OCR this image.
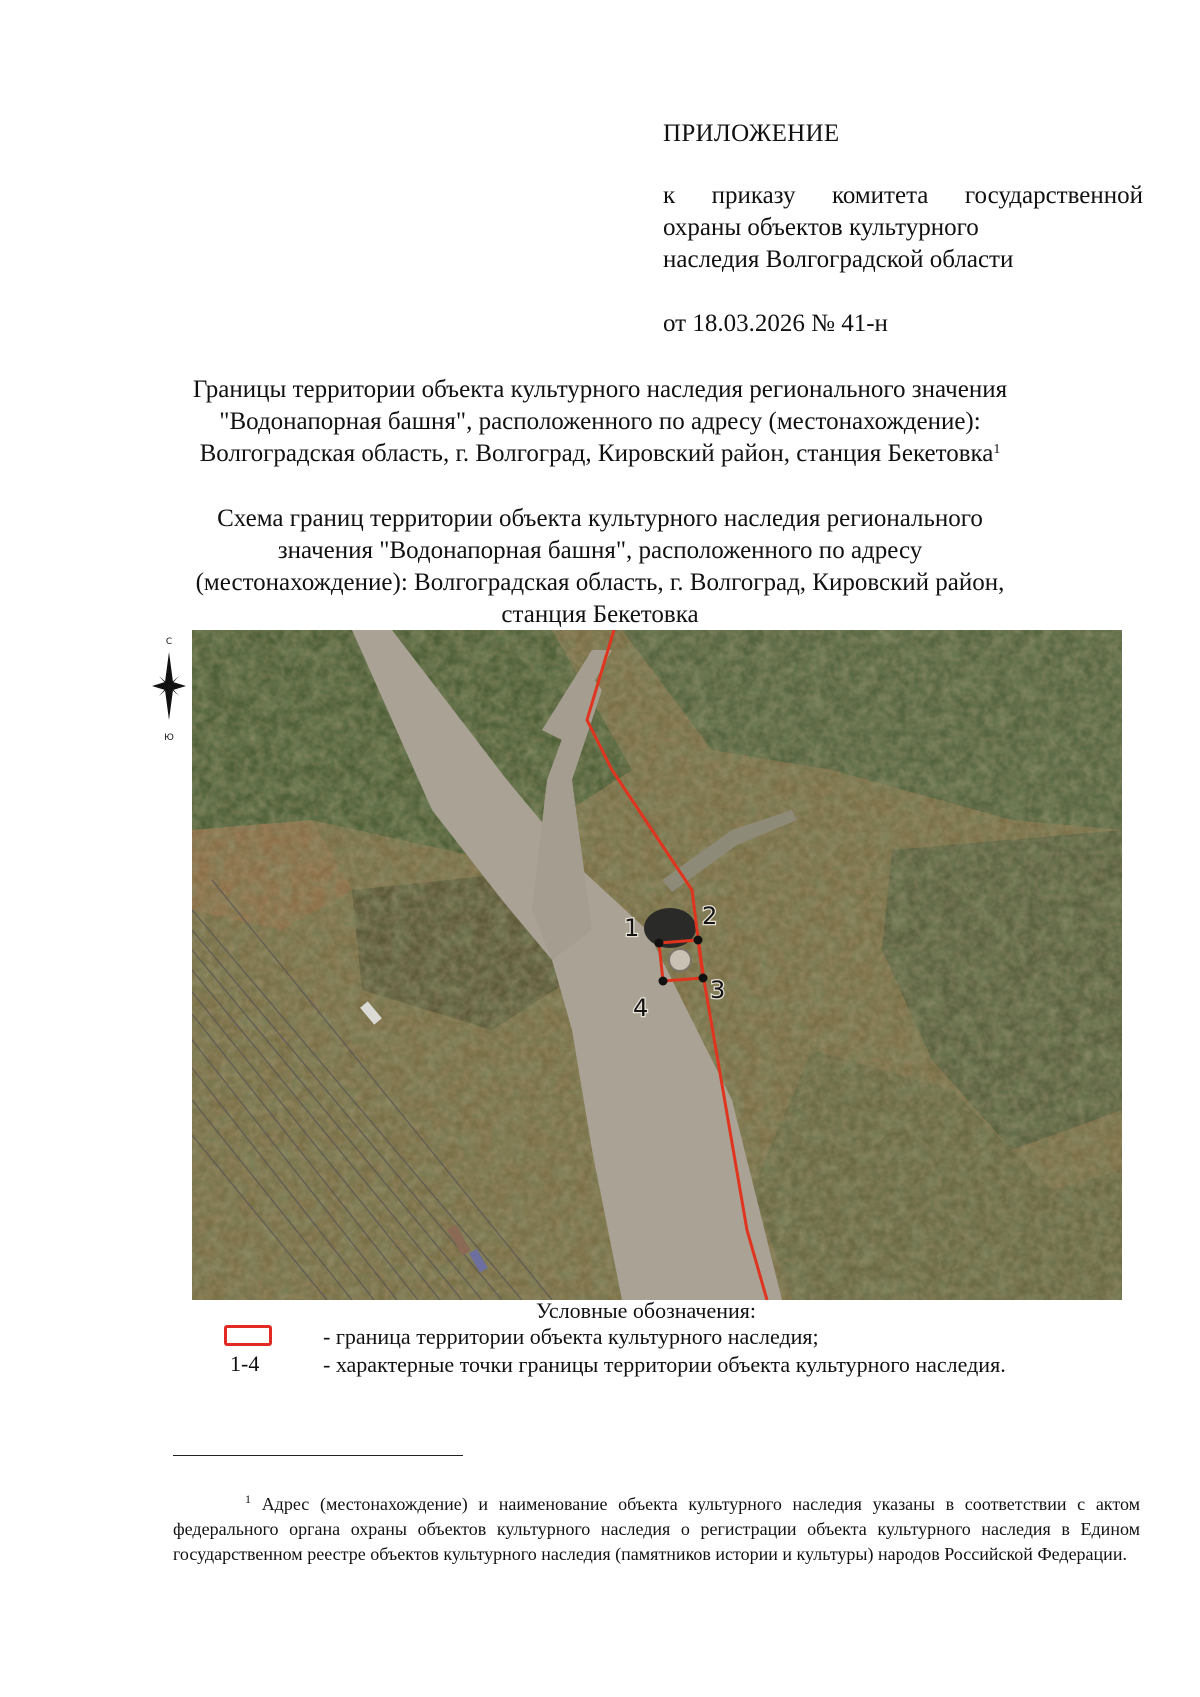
ПРИЛОЖЕНИЕ
к приказу комитета государственной
охраны объектов культурного
наследия Волгоградской области
от 18.03.2026 № 41-н
Границы территории объекта культурного наследия регионального значения
"Водонапорная башня", расположенного по адресу (местонахождение):
Волгоградская область, г. Волгоград, Кировский район, станция Бекетовка$^1$
Схема границ территории объекта культурного наследия регионального
значения "Водонапорная башня", расположенного по адресу
(местонахождение): Волгоградская область, г. Волгоград, Кировский район,
станция Бекетовка
С
Ю
1	2
3
4
Условные обозначения:
- граница территории объекта культурного наследия;
1-4	- характерные точки границы территории объекта культурного наследия.
$^1$ Адрес (местонахождение) и наименование объекта культурного наследия указаны в соответствии с актом федерального органа охраны объектов культурного наследия о регистрации объекта культурного наследия в Едином государственном реестре объектов культурного наследия (памятников истории и культуры) народов Российской Федерации.
